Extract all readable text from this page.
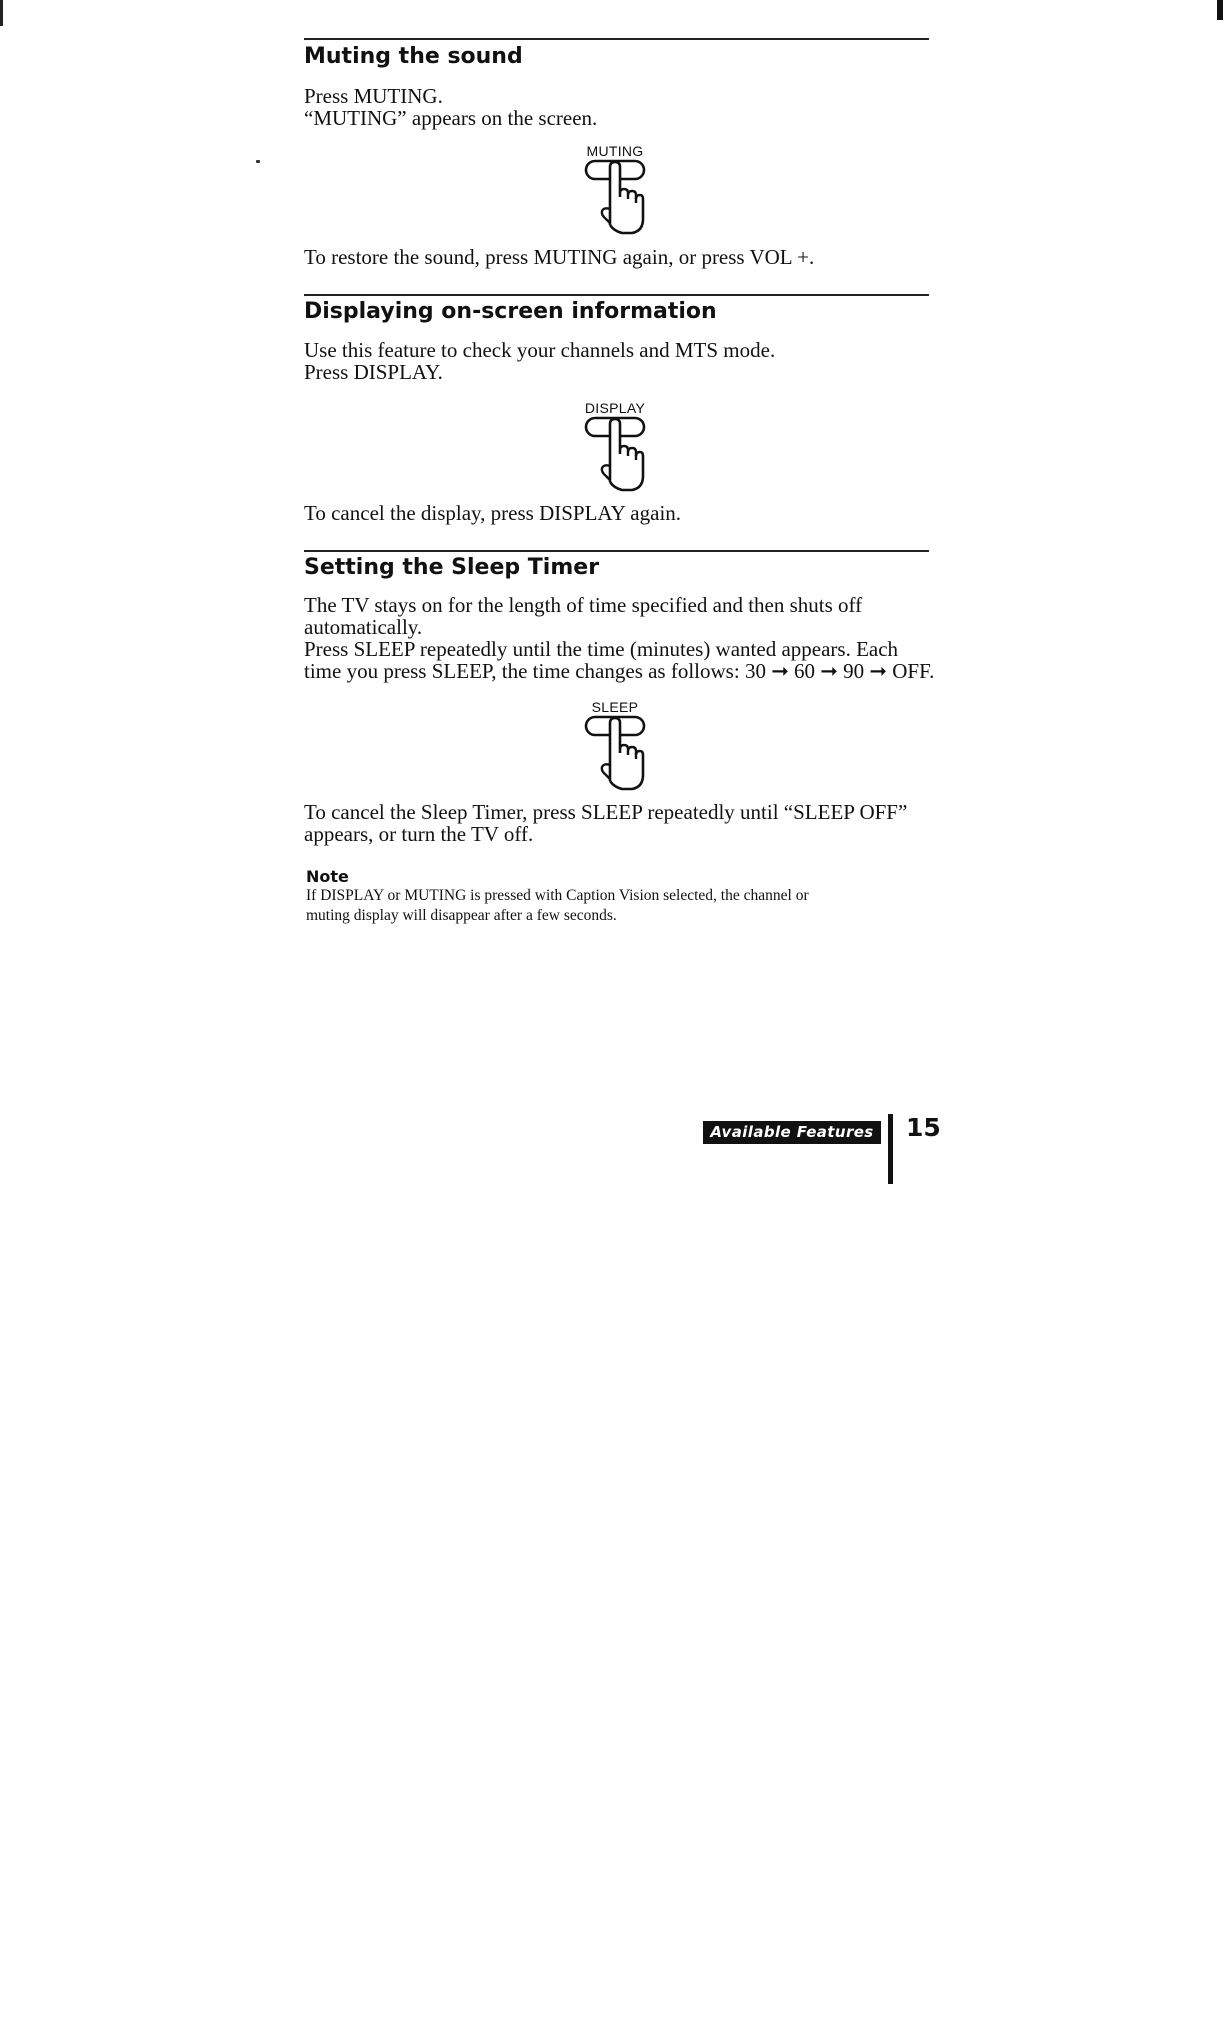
Muting the sound

Press MUTING.
“MUTING” appears on the screen.

MUTING

To restore the sound, press MUTING again, or press VOL +.

Displaying on-screen information

Use this feature to check your channels and MTS mode.
Press DISPLAY.

DISPLAY

To cancel the display, press DISPLAY again.

Setting the Sleep Timer

The TV stays on for the length of time specified and then shuts off
automatically.
Press SLEEP repeatedly until the time (minutes) wanted appears. Each
time you press SLEEP, the time changes as follows: 30 ➞ 60 ➞ 90 ➞ OFF.

SLEEP

To cancel the Sleep Timer, press SLEEP repeatedly until “SLEEP OFF”
appears, or turn the TV off.

Note

If DISPLAY or MUTING is pressed with Caption Vision selected, the channel or
muting display will disappear after a few seconds.

Available Features 15
